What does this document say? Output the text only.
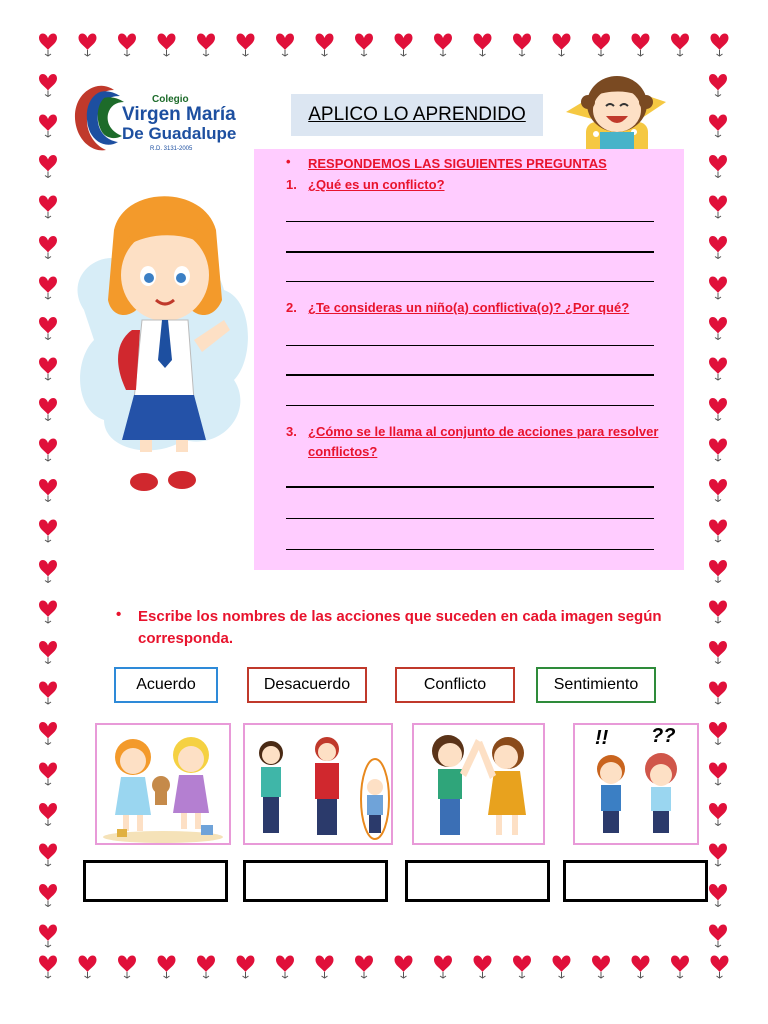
Colegio
Virgen María
De Guadalupe
R.D. 3131-2005
APLICO LO APRENDIDO
• RESPONDEMOS LAS SIGUIENTES PREGUNTAS
1. ¿Qué es un conflicto?
2. ¿Te consideras un niño(a) conflictiva(o)? ¿Por qué?
3. ¿Cómo se le llama al conjunto de acciones para resolver
conflictos?
• Escribe los nombres de las acciones que suceden en cada imagen según corresponda.
Acuerdo	Desacuerdo	Conflicto	Sentimiento
!! ??
